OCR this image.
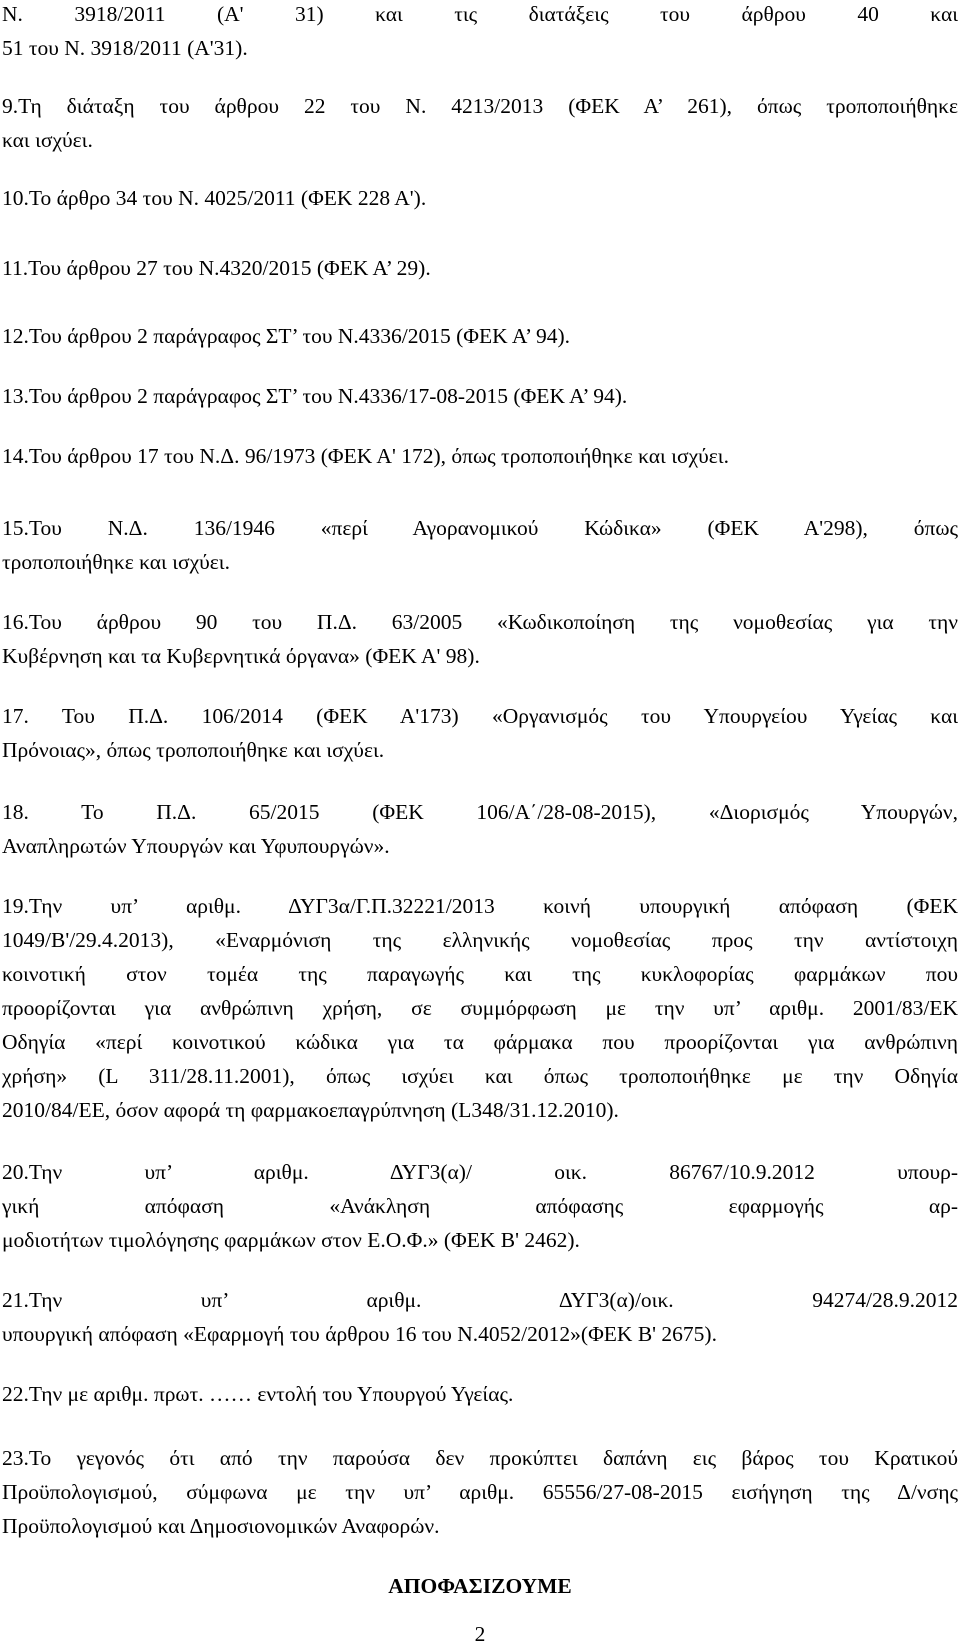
Ν. 3918/2011 (Α' 31) και τις διατάξεις του άρθρου 40 και
51 του Ν. 3918/2011 (Α'31).
9.Τη διάταξη του άρθρου 22 του Ν. 4213/2013 (ΦΕΚ Α’ 261), όπως τροποποιήθηκε
και ισχύει.
10.Το άρθρο 34 του Ν. 4025/2011 (ΦΕΚ 228 Α').
11.Του άρθρου 27 του Ν.4320/2015 (ΦΕΚ Α’ 29).
12.Του άρθρου 2 παράγραφος ΣΤ’ του Ν.4336/2015 (ΦΕΚ Α’ 94).
13.Του άρθρου 2 παράγραφος ΣΤ’ του Ν.4336/17-08-2015 (ΦΕΚ Α’ 94).
14.Του άρθρου 17 του Ν.Δ. 96/1973 (ΦΕΚ Α' 172), όπως τροποποιήθηκε και ισχύει.
15.Του Ν.Δ. 136/1946 «περί Αγορανομικού Κώδικα» (ΦΕΚ Α'298), όπως
τροποποιήθηκε και ισχύει.
16.Του άρθρου 90 του Π.Δ. 63/2005 «Κωδικοποίηση της νομοθεσίας για την
Κυβέρνηση και τα Κυβερνητικά όργανα» (ΦΕΚ Α' 98).
17. Του Π.Δ. 106/2014 (ΦΕΚ Α'173) «Οργανισμός του Υπουργείου Υγείας και
Πρόνοιας», όπως τροποποιήθηκε και ισχύει.
18. Το Π.Δ. 65/2015 (ΦΕΚ 106/Α΄/28-08-2015), «Διορισμός Υπουργών,
Αναπληρωτών Υπουργών και Υφυπουργών».
19.Την υπ’ αριθμ. ΔΥΓ3α/Γ.Π.32221/2013 κοινή υπουργική απόφαση (ΦΕΚ
1049/Β'/29.4.2013), «Εναρμόνιση της ελληνικής νομοθεσίας προς την αντίστοιχη
κοινοτική στον τομέα της παραγωγής και της κυκλοφορίας φαρμάκων που
προορίζονται για ανθρώπινη χρήση, σε συμμόρφωση με την υπ’ αριθμ. 2001/83/ΕΚ
Οδηγία «περί κοινοτικού κώδικα για τα φάρμακα που προορίζονται για ανθρώπινη
χρήση» (L 311/28.11.2001), όπως ισχύει και όπως τροποποιήθηκε με την Οδηγία
2010/84/ΕΕ, όσον αφορά τη φαρμακοεπαγρύπνηση (L348/31.12.2010).
20.Την υπ’ αριθμ. ΔΥΓ3(α)/ οικ. 86767/10.9.2012 υπουρ-
γική απόφαση «Ανάκληση απόφασης εφαρμογής αρ-
μοδιοτήτων τιμολόγησης φαρμάκων στον Ε.Ο.Φ.» (ΦΕΚ Β' 2462).
21.Την υπ’ αριθμ. ΔΥΓ3(α)/οικ. 94274/28.9.2012
υπουργική απόφαση «Εφαρμογή του άρθρου 16 του Ν.4052/2012»(ΦΕΚ Β' 2675).
22.Την με αριθμ. πρωτ. …… εντολή του Υπουργού Υγείας.
23.Το γεγονός ότι από την παρούσα δεν προκύπτει δαπάνη εις βάρος του Κρατικού
Προϋπολογισμού, σύμφωνα με την υπ’ αριθμ. 65556/27-08-2015 εισήγηση της Δ/νσης
Προϋπολογισμού και Δημοσιονομικών Αναφορών.
ΑΠΟΦΑΣΙΖΟΥΜΕ
2
